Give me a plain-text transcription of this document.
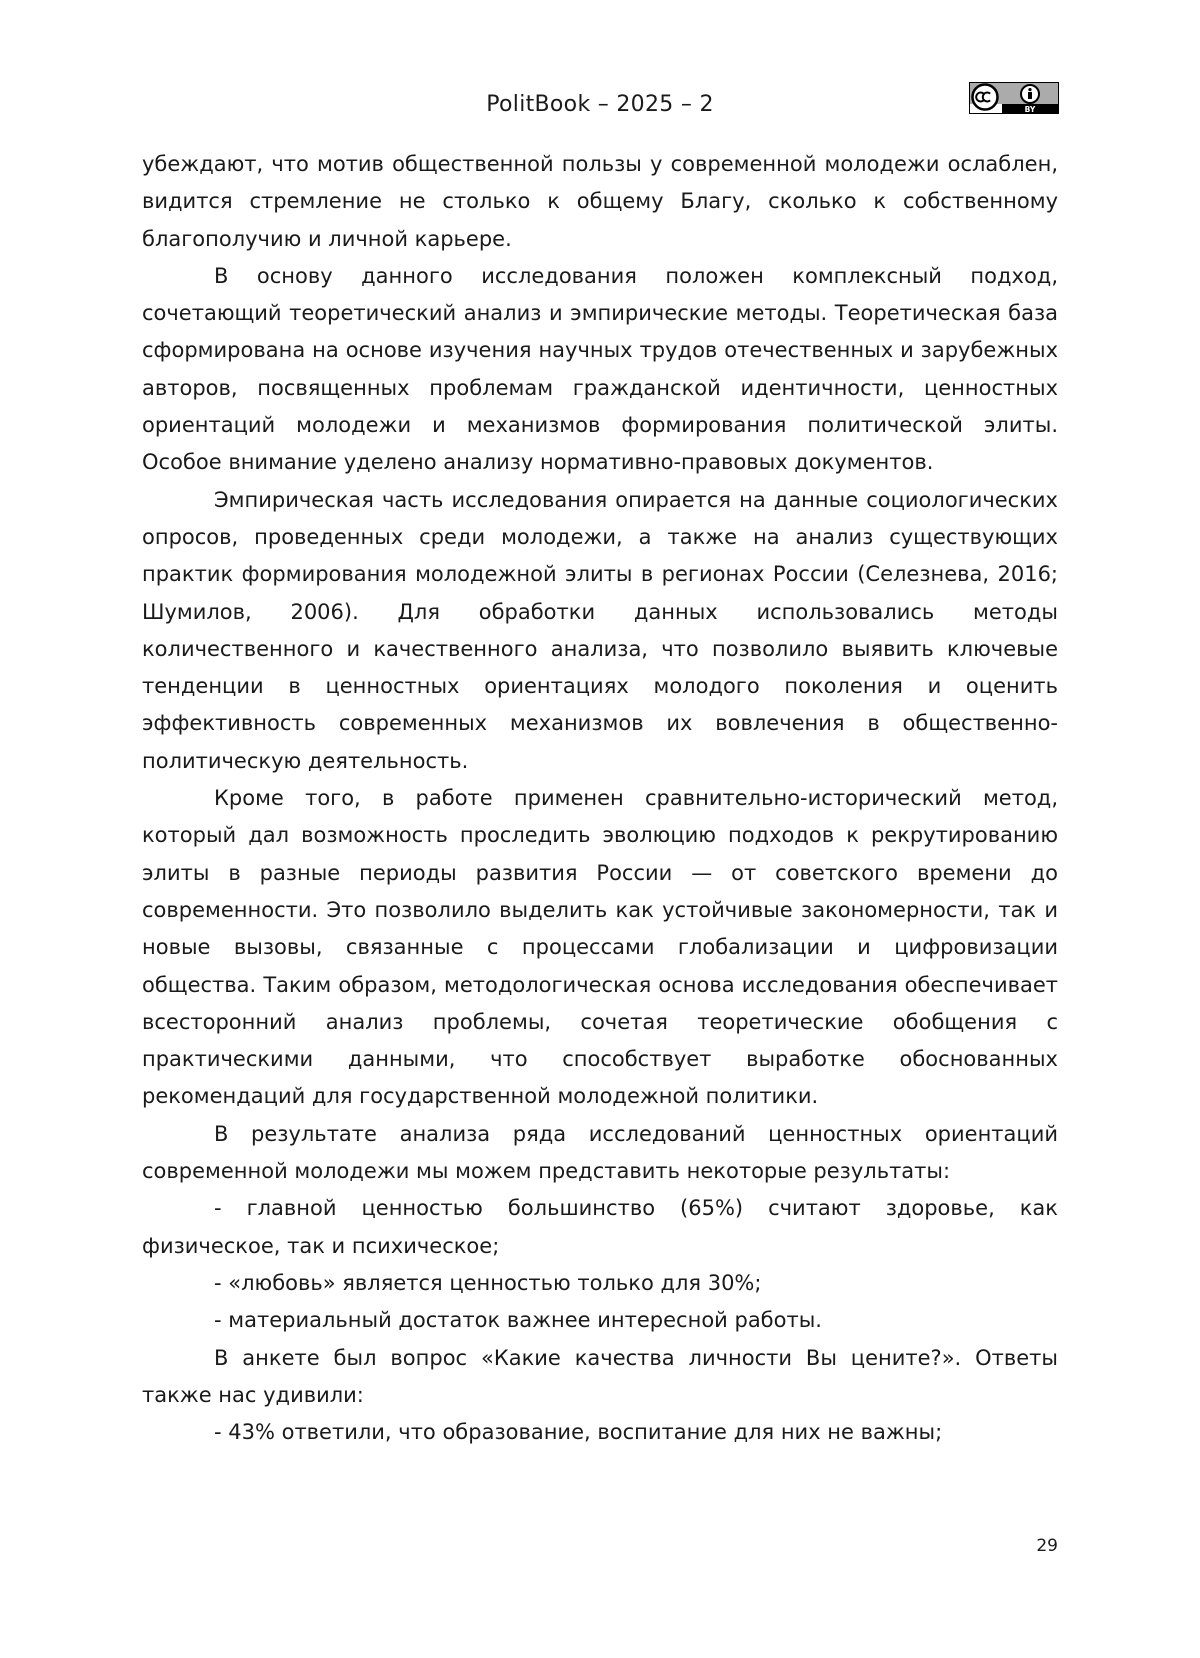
PolitBook – 2025 – 2	BY

убеждают, что мотив общественной пользы у современной молодежи ослаблен, видится стремление не столько к общему Благу, сколько к собственному благополучию и личной карьере.

В основу данного исследования положен комплексный подход, сочетающий теоретический анализ и эмпирические методы. Теоретическая база сформирована на основе изучения научных трудов отечественных и зарубежных авторов, посвященных проблемам гражданской идентичности, ценностных ориентаций молодежи и механизмов формирования политической элиты. Особое внимание уделено анализу нормативно-правовых документов.

Эмпирическая часть исследования опирается на данные социологических опросов, проведенных среди молодежи, а также на анализ существующих практик формирования молодежной элиты в регионах России (Селезнева, 2016; Шумилов, 2006). Для обработки данных использовались методы количественного и качественного анализа, что позволило выявить ключевые тенденции в ценностных ориентациях молодого поколения и оценить эффективность современных механизмов их вовлечения в общественно-политическую деятельность.

Кроме того, в работе применен сравнительно-исторический метод, который дал возможность проследить эволюцию подходов к рекрутированию элиты в разные периоды развития России — от советского времени до современности. Это позволило выделить как устойчивые закономерности, так и новые вызовы, связанные с процессами глобализации и цифровизации общества. Таким образом, методологическая основа исследования обеспечивает всесторонний анализ проблемы, сочетая теоретические обобщения с практическими данными, что способствует выработке обоснованных рекомендаций для государственной молодежной политики.

В результате анализа ряда исследований ценностных ориентаций современной молодежи мы можем представить некоторые результаты:

- главной ценностью большинство (65%) считают здоровье, как физическое, так и психическое;

- «любовь» является ценностью только для 30%;

- материальный достаток важнее интересной работы.

В анкете был вопрос «Какие качества личности Вы цените?». Ответы также нас удивили:

- 43% ответили, что образование, воспитание для них не важны;

29
